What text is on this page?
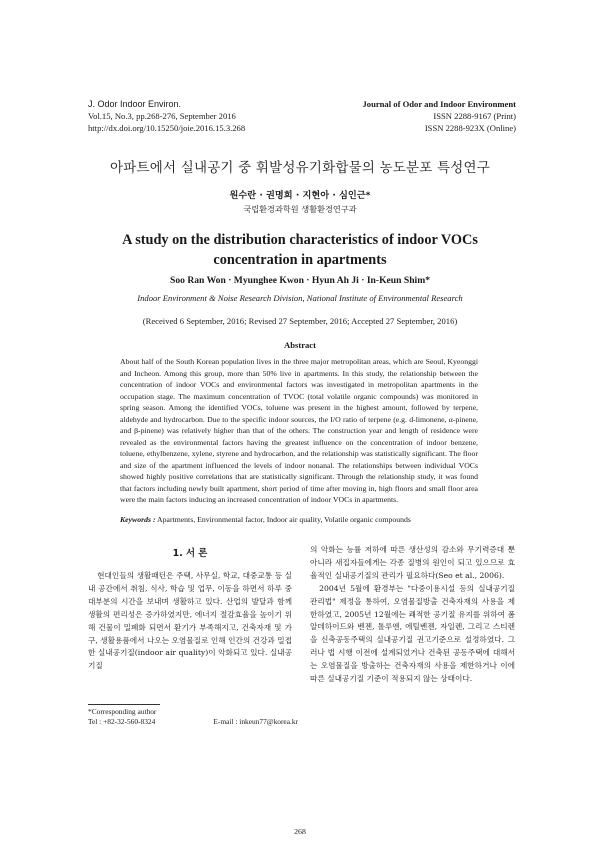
J. Odor Indoor Environ.
Vol.15, No.3, pp.268-276, September 2016
http://dx.doi.org/10.15250/joie.2016.15.3.268
Journal of Odor and Indoor Environment
ISSN 2288-9167 (Print)
ISSN 2288-923X (Online)
아파트에서 실내공기 중 휘발성유기화합물의 농도분포 특성연구
원수란 · 권명희 · 지현아 · 심인근*
국립환경과학원 생활환경연구과
A study on the distribution characteristics of indoor VOCs concentration in apartments
Soo Ran Won · Myunghee Kwon · Hyun Ah Ji · In-Keun Shim*
Indoor Environment & Noise Research Division, National Institute of Environmental Research
(Received 6 September, 2016; Revised 27 September, 2016; Accepted 27 September, 2016)
Abstract
About half of the South Korean population lives in the three major metropolitan areas, which are Seoul, Kyeonggi and Incheon. Among this group, more than 50% live in apartments. In this study, the relationship between the concentration of indoor VOCs and environmental factors was investigated in metropolitan apartments in the occupation stage. The maximum concentration of TVOC (total volatile organic compounds) was monitored in spring season. Among the identified VOCs, toluene was present in the highest amount, followed by terpene, aldehyde and hydrocarbon. Due to the specific indoor sources, the I/O ratio of terpene (e.g. d-limonene, α-pinene, and β-pinene) was relatively higher than that of the others. The construction year and length of residence were revealed as the environmental factors having the greatest influence on the concentration of indoor benzene, toluene, ethylbenzene, xylene, styrene and hydrocarbon, and the relationship was statistically significant. The floor and size of the apartment influenced the levels of indoor nonanal. The relationships between individual VOCs showed highly positive correlations that are statistically significant. Through the relationship study, it was found that factors including newly built apartment, short period of time after moving in, high floors and small floor area were the main factors inducing an increased concentration of indoor VOCs in apartments.
Keywords : Apartments, Environmental factor, Indoor air quality, Volatile organic compounds
1. 서 론
현대인들의 생활패턴은 주택, 사무실, 학교, 대중교통 등 실내 공간에서 취침, 식사, 학습 및 업무, 이동을 하면서 하루 중 대부분의 시간을 보내며 생활하고 있다. 산업의 발달과 함께 생활의 편리성은 증가하였지만, 에너지 절감효율을 높이기 위해 건물이 밀폐화 되면서 환기가 부족해지고, 건축자재 및 가구, 생활용품에서 나오는 오염물질로 인해 인간의 건강과 밀접한 실내공기질(indoor air quality)이 악화되고 있다. 실내공기질
의 악화는 능률 저하에 따른 생산성의 감소와 무기력증대 뿐 아니라 새집자들에게는 각종 질병의 원인이 되고 있으므로 효율적인 실내공기질의 관리가 필요하다(Seo et al., 2006).
2004년 5월에 환경부는 "다중이용시설 등의 실내공기질 관리법" 제정을 통하여, 오염물질방출 건축자재의 사용을 제한하였고, 2005년 12월에는 쾌적한 공기질 유지를 위하여 폼알데하이드와 벤젠, 톨루엔, 에틸벤젠, 자일렌, 그리고 스티렌을 신축공동주택의 실내공기질 권고기준으로 설정하였다. 그러나 법 시행 이전에 설계되었거나 건축된 공동주택에 대해서는 오염물질을 방출하는 건축자재의 사용을 제한하거나 이에 따른 실내공기질 기준이 적용되지 않는 상태이다.
*Corresponding author
Tel : +82-32-560-8324	E-mail : inkeun77@korea.kr
268
